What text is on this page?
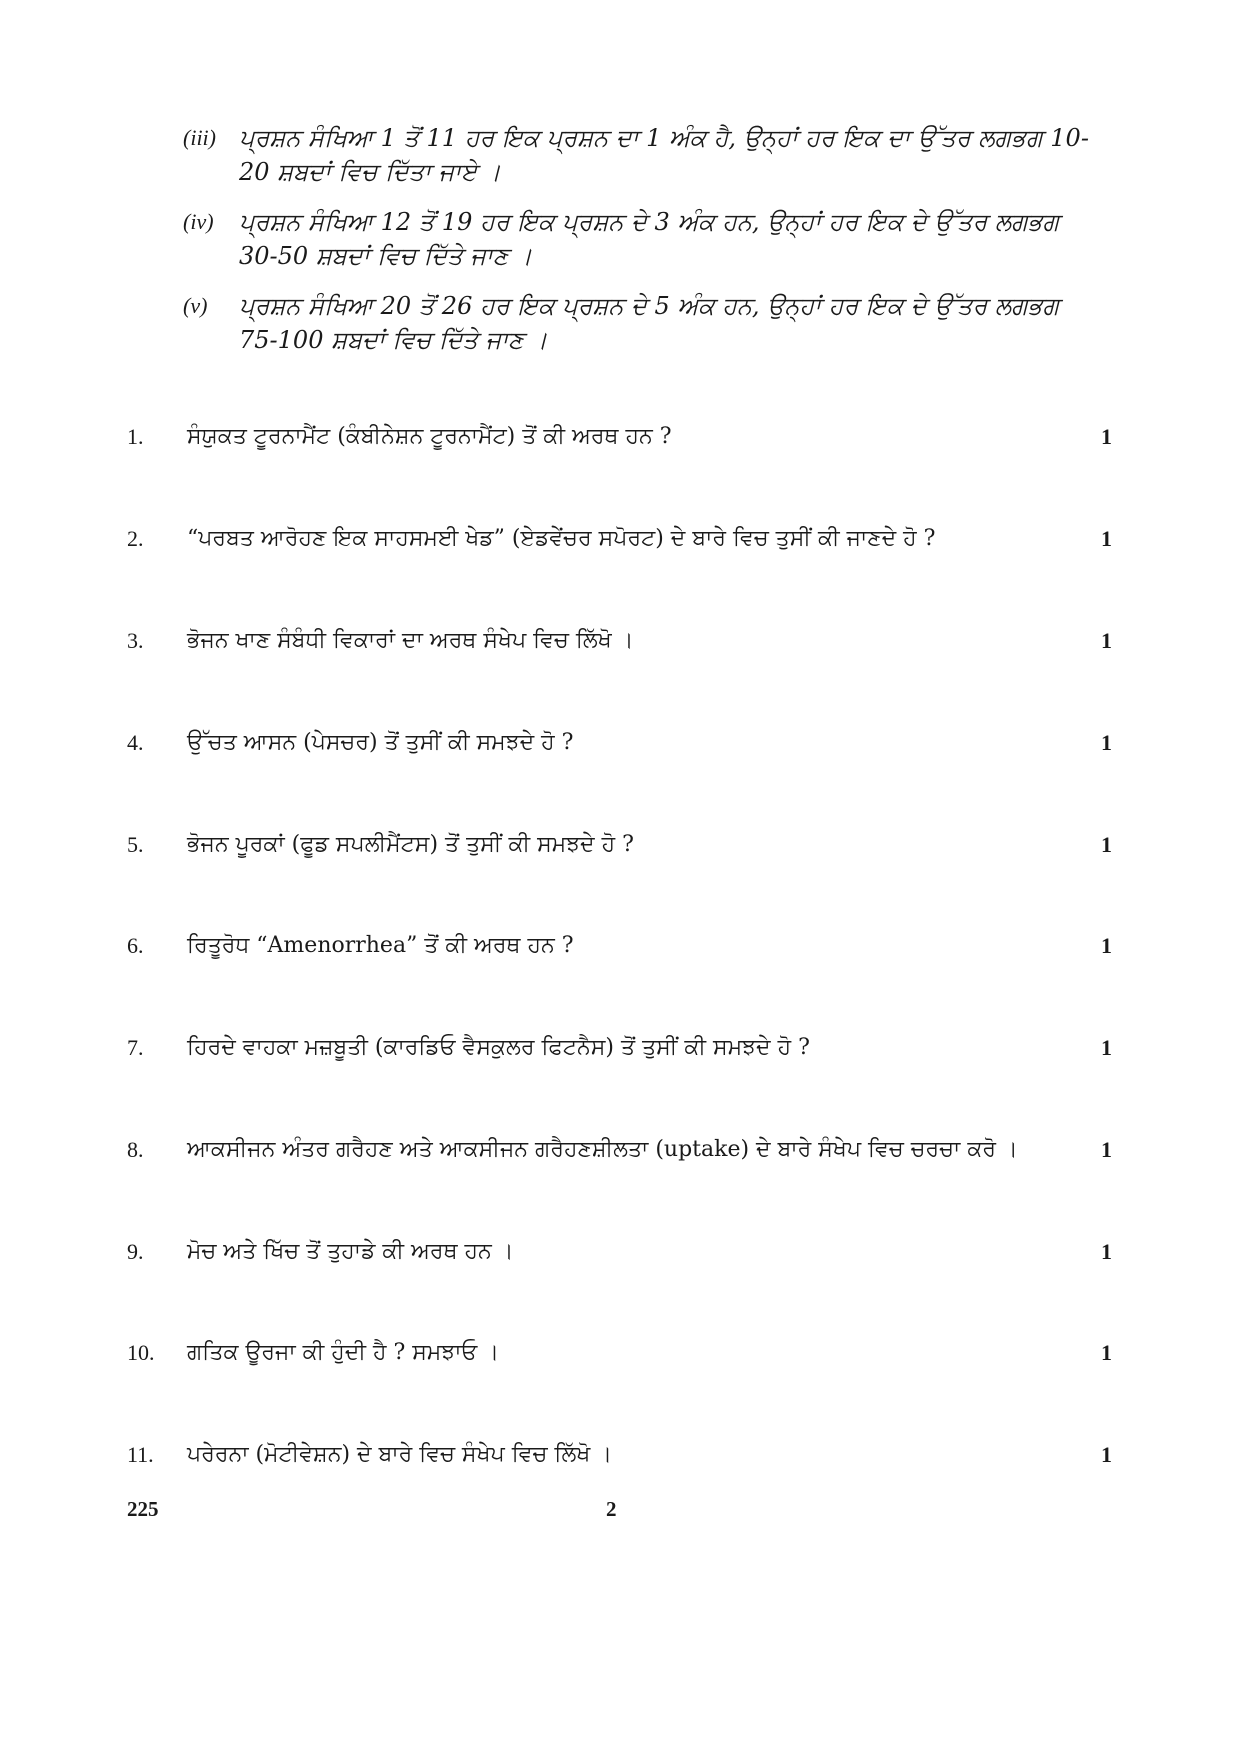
(iii) ਪ੍ਰਸ਼ਨ ਸੰਖਿਆ 1 ਤੋਂ 11 ਹਰ ਇਕ ਪ੍ਰਸ਼ਨ ਦਾ 1 ਅੰਕ ਹੈ, ਉਨ੍ਹਾਂ ਹਰ ਇਕ ਦਾ ਉੱਤਰ ਲਗਭਗ 10-20 ਸ਼ਬਦਾਂ ਵਿਚ ਦਿੱਤਾ ਜਾਏ ।
(iv) ਪ੍ਰਸ਼ਨ ਸੰਖਿਆ 12 ਤੋਂ 19 ਹਰ ਇਕ ਪ੍ਰਸ਼ਨ ਦੇ 3 ਅੰਕ ਹਨ, ਉਨ੍ਹਾਂ ਹਰ ਇਕ ਦੇ ਉੱਤਰ ਲਗਭਗ 30-50 ਸ਼ਬਦਾਂ ਵਿਚ ਦਿੱਤੇ ਜਾਣ ।
(v) ਪ੍ਰਸ਼ਨ ਸੰਖਿਆ 20 ਤੋਂ 26 ਹਰ ਇਕ ਪ੍ਰਸ਼ਨ ਦੇ 5 ਅੰਕ ਹਨ, ਉਨ੍ਹਾਂ ਹਰ ਇਕ ਦੇ ਉੱਤਰ ਲਗਭਗ 75-100 ਸ਼ਬਦਾਂ ਵਿਚ ਦਿੱਤੇ ਜਾਣ ।
1. ਸੰਯੁਕਤ ਟੂਰਨਾਮੈਂਟ (ਕੰਬੀਨੇਸ਼ਨ ਟੂਰਨਾਮੈਂਟ) ਤੋਂ ਕੀ ਅਰਥ ਹਨ ?	1
2. “ਪਰਬਤ ਆਰੋਹਣ ਇਕ ਸਾਹਸਮਈ ਖੇਡ” (ਏਡਵੇਂਚਰ ਸਪੋਰਟ) ਦੇ ਬਾਰੇ ਵਿਚ ਤੁਸੀਂ ਕੀ ਜਾਣਦੇ ਹੋ ?	1
3. ਭੋਜਨ ਖਾਣ ਸੰਬੰਧੀ ਵਿਕਾਰਾਂ ਦਾ ਅਰਥ ਸੰਖੇਪ ਵਿਚ ਲਿੱਖੋ ।	1
4. ਉੱਚਤ ਆਸਨ (ਪੇਸਚਰ) ਤੋਂ ਤੁਸੀਂ ਕੀ ਸਮਝਦੇ ਹੋ ?	1
5. ਭੋਜਨ ਪੂਰਕਾਂ (ਫੂਡ ਸਪਲੀਮੈਂਟਸ) ਤੋਂ ਤੁਸੀਂ ਕੀ ਸਮਝਦੇ ਹੋ ?	1
6. ਰਿਤੂਰੋਧ “Amenorrhea” ਤੋਂ ਕੀ ਅਰਥ ਹਨ ?	1
7. ਹਿਰਦੇ ਵਾਹਕਾ ਮਜ਼ਬੂਤੀ (ਕਾਰਡਿਓ ਵੈਸਕੁਲਰ ਫਿਟਨੈਸ) ਤੋਂ ਤੁਸੀਂ ਕੀ ਸਮਝਦੇ ਹੋ ?	1
8. ਆਕਸੀਜਨ ਅੰਤਰ ਗਰੈਹਣ ਅਤੇ ਆਕਸੀਜਨ ਗਰੈਹਣਸ਼ੀਲਤਾ (uptake) ਦੇ ਬਾਰੇ ਸੰਖੇਪ ਵਿਚ ਚਰਚਾ ਕਰੋ ।	1
9. ਮੋਚ ਅਤੇ ਖਿੱਚ ਤੋਂ ਤੁਹਾਡੇ ਕੀ ਅਰਥ ਹਨ ।	1
10. ਗਤਿਕ ਊਰਜਾ ਕੀ ਹੁੰਦੀ ਹੈ ? ਸਮਝਾਓ ।	1
11. ਪਰੇਰਨਾ (ਮੋਟੀਵੇਸ਼ਨ) ਦੇ ਬਾਰੇ ਵਿਚ ਸੰਖੇਪ ਵਿਚ ਲਿੱਖੋ ।	1
225	2
